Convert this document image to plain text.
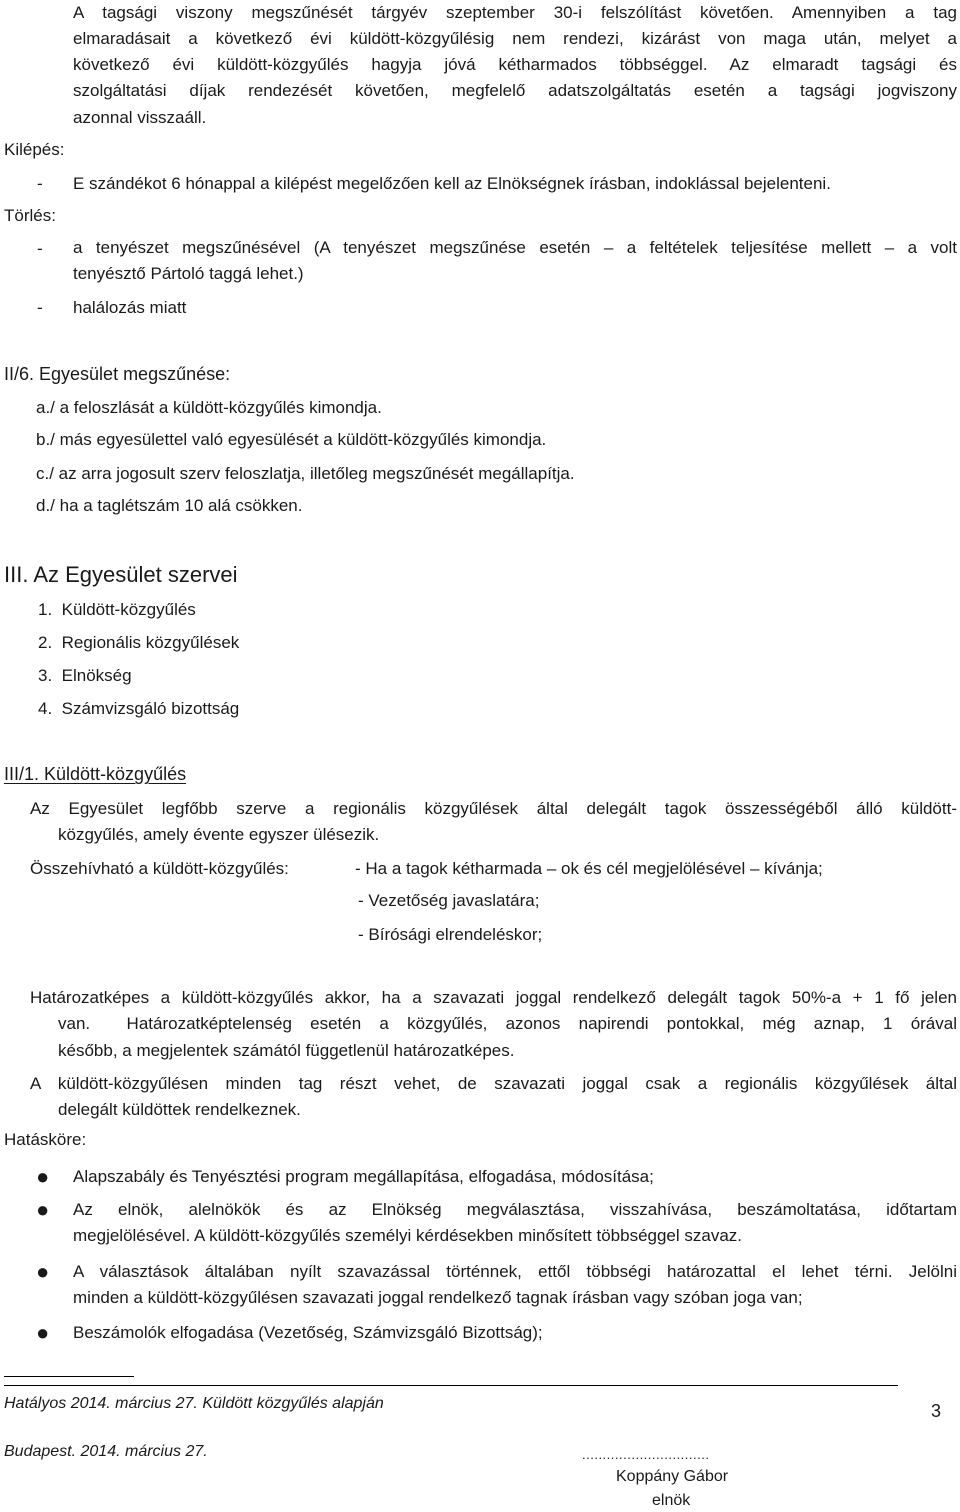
A tagsági viszony megszűnését tárgyév szeptember 30-i felszólítást követően. Amennyiben a tag
elmaradásait a következő évi küldött-közgyűlésig nem rendezi, kizárást von maga után, melyet a
következő évi küldött-közgyűlés hagyja jóvá kétharmados többséggel. Az elmaradt tagsági és
szolgáltatási díjak rendezését követően, megfelelő adatszolgáltatás esetén a tagsági jogviszony
azonnal visszaáll.
Kilépés:
- E szándékot 6 hónappal a kilépést megelőzően kell az Elnökségnek írásban, indoklással bejelenteni.
Törlés:
- a tenyészet megszűnésével (A tenyészet megszűnése esetén – a feltételek teljesítése mellett – a volt
tenyésztő Pártoló taggá lehet.)
- halálozás miatt
II/6. Egyesület megszűnése:
a./ a feloszlását a küldött-közgyűlés kimondja.
b./ más egyesülettel való egyesülését a küldött-közgyűlés kimondja.
c./ az arra jogosult szerv feloszlatja, illetőleg megszűnését megállapítja.
d./ ha a taglétszám 10 alá csökken.
III. Az Egyesület szervei
1.  Küldött-közgyűlés
2.  Regionális közgyűlések
3.  Elnökség
4.  Számvizsgáló bizottság
III/1. Küldött-közgyűlés
Az Egyesület legfőbb szerve a regionális közgyűlések által delegált tagok összességéből álló küldött-
közgyűlés, amely évente egyszer ülésezik.
Összehívható a küldött-közgyűlés:	- Ha a tagok kétharmada – ok és cél megjelölésével – kívánja;
- Vezetőség javaslatára;
- Bírósági elrendeléskor;
Határozatképes a küldött-közgyűlés akkor, ha a szavazati joggal rendelkező delegált tagok 50%-a + 1 fő jelen
van.  Határozatképtelenség esetén a közgyűlés, azonos napirendi pontokkal, még aznap, 1 órával
később, a megjelentek számától függetlenül határozatképes.
A küldött-közgyűlésen minden tag részt vehet, de szavazati joggal csak a regionális közgyűlések által
delegált küldöttek rendelkeznek.
Hatásköre:
● Alapszabály és Tenyésztési program megállapítása, elfogadása, módosítása;
● Az elnök, alelnökök és az Elnökség megválasztása, visszahívása, beszámoltatása, időtartam
megjelölésével. A küldött-közgyűlés személyi kérdésekben minősített többséggel szavaz.
● A választások általában nyílt szavazással történnek, ettől többségi határozattal el lehet térni. Jelölni
minden a küldött-közgyűlésen szavazati joggal rendelkező tagnak írásban vagy szóban joga van;
● Beszámolók elfogadása (Vezetőség, Számvizsgáló Bizottság);
Hatályos 2014. március 27. Küldött közgyűlés alapján	3
Budapest. 2014. március 27.	...............................
Koppány Gábor
elnök
